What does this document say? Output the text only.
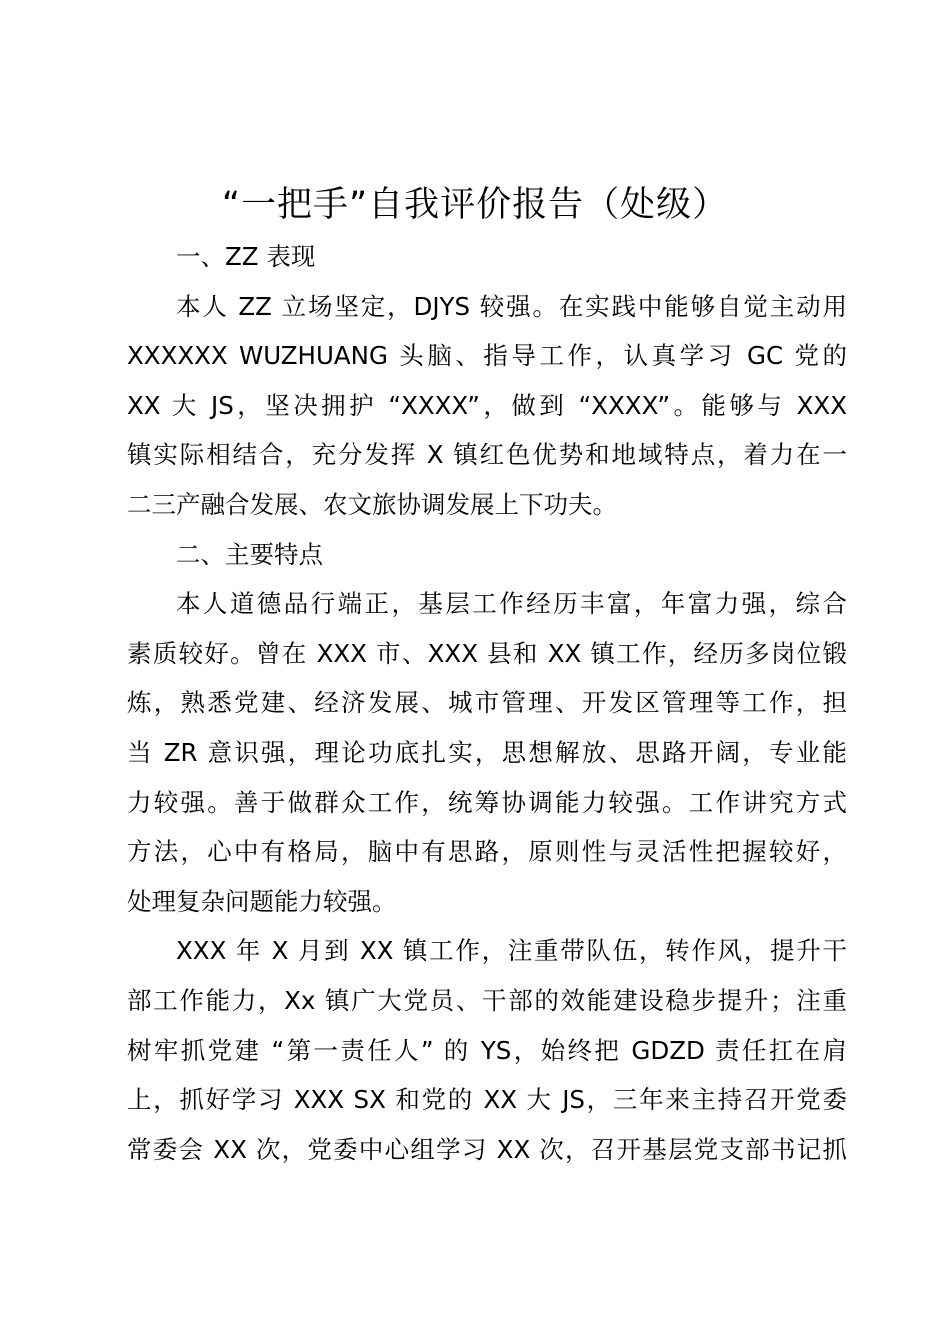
“一把手”自我评价报告（处级）

一、ZZ 表现

本人 ZZ 立场坚定，DJYS 较强。在实践中能够自觉主动用
XXXXXX WUZHUANG 头脑、指导工作，认真学习 GC 党的
XX 大 JS，坚决拥护 “XXXX”，做到 “XXXX”。能够与 XXX
镇实际相结合，充分发挥 X 镇红色优势和地域特点，着力在一
二三产融合发展、农文旅协调发展上下功夫。

二、主要特点

本人道德品行端正，基层工作经历丰富，年富力强，综合
素质较好。曾在 XXX 市、XXX 县和 XX 镇工作，经历多岗位锻
炼，熟悉党建、经济发展、城市管理、开发区管理等工作，担
当 ZR 意识强，理论功底扎实，思想解放、思路开阔，专业能
力较强。善于做群众工作，统筹协调能力较强。工作讲究方式
方法，心中有格局，脑中有思路，原则性与灵活性把握较好，
处理复杂问题能力较强。

XXX 年 X 月到 XX 镇工作，注重带队伍，转作风，提升干
部工作能力，Xx 镇广大党员、干部的效能建设稳步提升；注重
树牢抓党建 “第一责任人” 的 YS，始终把 GDZD 责任扛在肩
上，抓好学习 XXX SX 和党的 XX 大 JS，三年来主持召开党委
常委会 XX 次，党委中心组学习 XX 次，召开基层党支部书记抓
